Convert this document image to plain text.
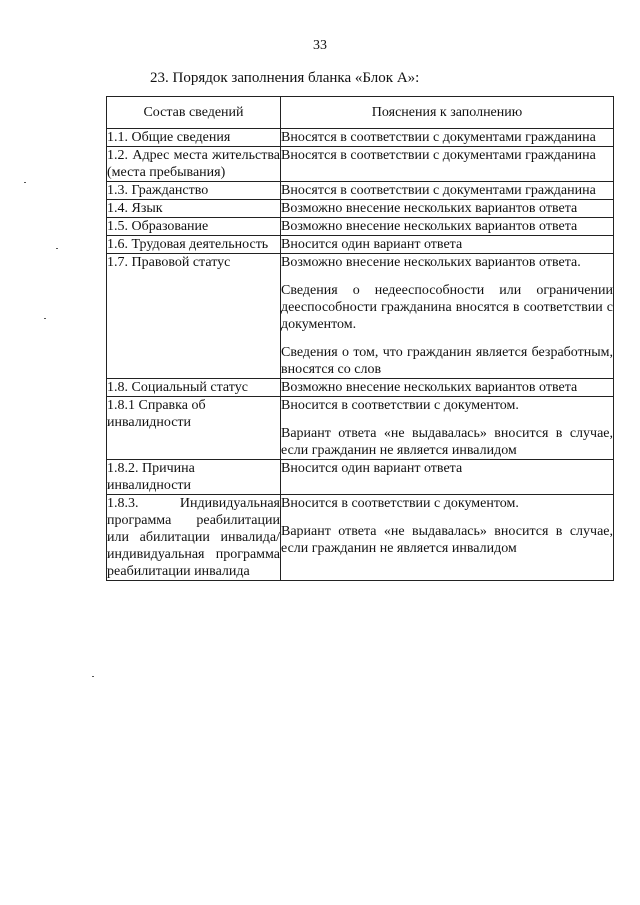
33
23. Порядок заполнения бланка «Блок А»:
Состав сведений	Пояснения к заполнению
1.1. Общие сведения	Вносятся в соответствии с документами гражданина

1.2. Адрес места жительства (места пребывания)	Вносятся в соответствии с документами гражданина

1.3. Гражданство	Вносятся в соответствии с документами гражданина

1.4. Язык	Возможно внесение нескольких вариантов ответа

1.5. Образование	Возможно внесение нескольких вариантов ответа

1.6. Трудовая деятельность	Вносится один вариант ответа

1.7. Правовой статус	Возможно внесение нескольких вариантов ответа.

Сведения о недееспособности или ограничении дееспособности гражданина вносятся в соответствии с документом.

Сведения о том, что гражданин является безработным, вносятся со слов

1.8. Социальный статус	Возможно внесение нескольких вариантов ответа

1.8.1 Справка об инвалидности	Вносится в соответствии с документом.

Вариант ответа «не выдавалась» вносится в случае, если гражданин не является инвалидом

1.8.2. Причина инвалидности	Вносится один вариант ответа

1.8.3. Индивидуальная программа реабилитации или абилитации инвалида/ индивидуальная программа реабилитации инвалида	Вносится в соответствии с документом.

Вариант ответа «не выдавалась» вносится в случае, если гражданин не является инвалидом
